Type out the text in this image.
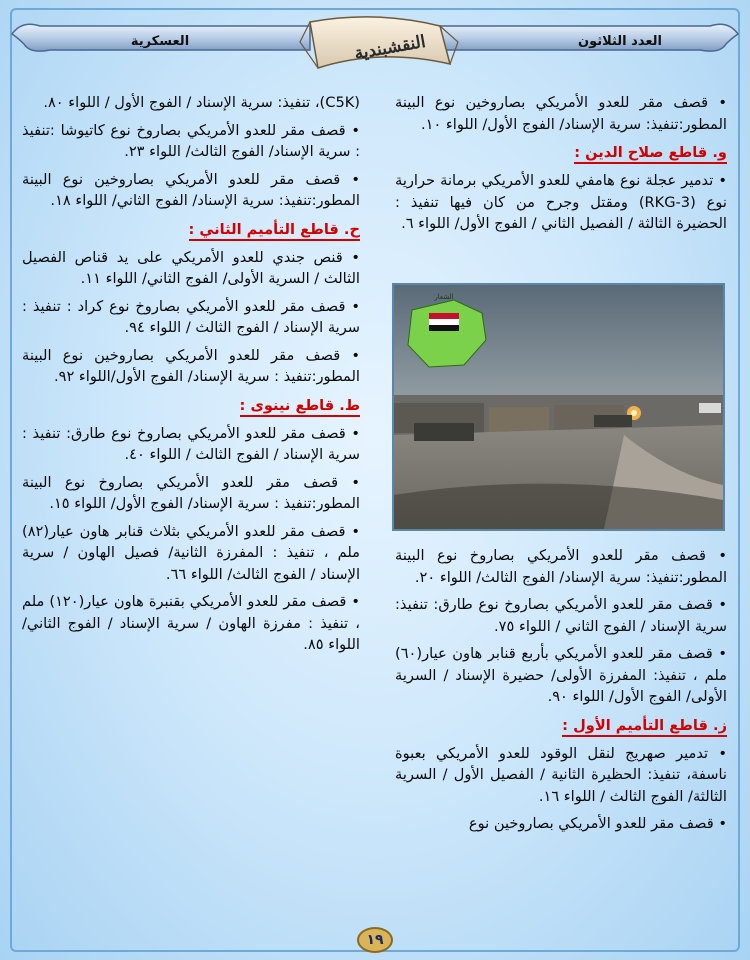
العسكرية	العدد الثلاثون
النقشبندية

• قصف مقر للعدو الأمريكي بصاروخين نوع البينة المطور:تنفيذ: سرية الإسناد/ الفوج الأول/ اللواء ١٠.

و. قاطع صلاح الدين :

• تدمير عجلة نوع هامفي للعدو الأمريكي برمانة حرارية نوع (RKG-3) ومقتل وجرح من كان فيها تنفيذ : الحضيرة الثالثة / الفصيل الثاني / الفوج الأول/ اللواء ٦.

الشعار

• قصف مقر للعدو الأمريكي بصاروخ نوع البينة المطور:تنفيذ: سرية الإسناد/ الفوج الثالث/ اللواء ٢٠.

• قصف مقر للعدو الأمريكي بصاروخ نوع طارق: تنفيذ: سرية الإسناد / الفوج الثاني / اللواء ٧٥.

• قصف مقر للعدو الأمريكي بأربع قنابر هاون عيار(٦٠) ملم ، تنفيذ: المفرزة الأولى/ حضيرة الإسناد / السرية الأولى/ الفوج الأول/ اللواء ٩٠.

ز. قاطع التأميم الأول :

• تدمير صهريج لنقل الوقود للعدو الأمريكي بعبوة ناسفة، تنفيذ: الحظيرة الثانية / الفصيل الأول / السرية الثالثة/ الفوج الثالث / اللواء ١٦.

• قصف مقر للعدو الأمريكي بصاروخين نوع

(C5K)، تنفيذ: سرية الإسناد / الفوج الأول / اللواء ٨٠.

• قصف مقر للعدو الأمريكي بصاروخ نوع كاتيوشا :تنفيذ : سرية الإسناد/ الفوج الثالث/ اللواء ٢٣.

• قصف مقر للعدو الأمريكي بصاروخين نوع البينة المطور:تنفيذ: سرية الإسناد/ الفوج الثاني/ اللواء ١٨.

ح. قاطع التأميم الثاني :

• قنص جندي للعدو الأمريكي على يد قناص الفصيل الثالث / السرية الأولى/ الفوج الثاني/ اللواء ١١.

• قصف مقر للعدو الأمريكي بصاروخ نوع كراد : تنفيذ : سرية الإسناد / الفوج الثالث / اللواء ٩٤.

• قصف مقر للعدو الأمريكي بصاروخين نوع البينة المطور:تنفيذ : سرية الإسناد/ الفوج الأول/اللواء ٩٢.

ط. قاطع نينوى :

• قصف مقر للعدو الأمريكي بصاروخ نوع طارق: تنفيذ : سرية الإسناد / الفوج الثالث / اللواء ٤٠.

• قصف مقر للعدو الأمريكي بصاروخ نوع البينة المطور:تنفيذ : سرية الإسناد/ الفوج الأول/ اللواء ١٥.

• قصف مقر للعدو الأمريكي بثلاث قنابر هاون عيار(٨٢) ملم ، تنفيذ : المفرزة الثانية/ فصيل الهاون / سرية الإسناد / الفوج الثالث/ اللواء ٦٦.

• قصف مقر للعدو الأمريكي بقنبرة هاون عيار(١٢٠) ملم ، تنفيذ : مفرزة الهاون / سرية الإسناد / الفوج الثاني/ اللواء ٨٥.

١٩
